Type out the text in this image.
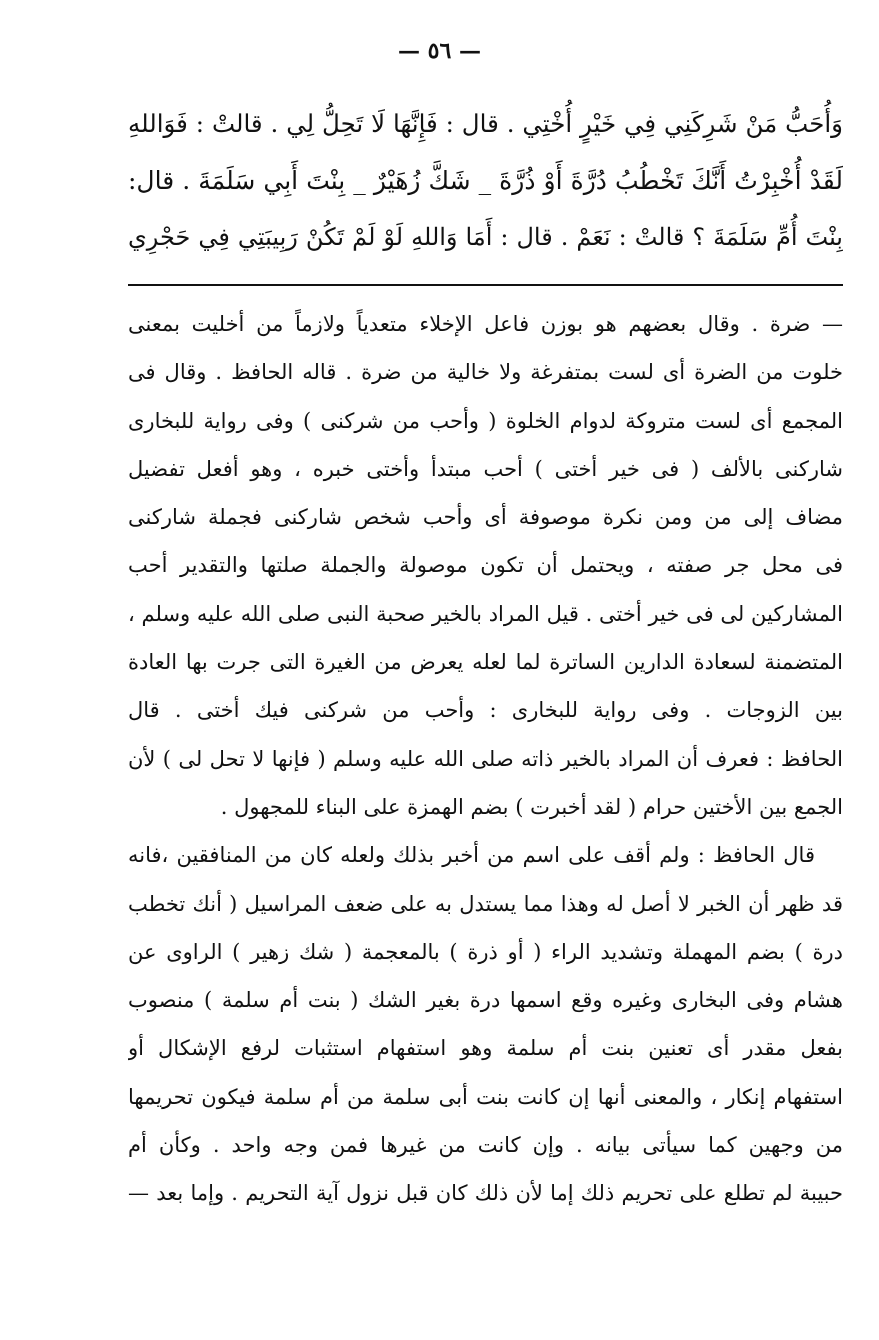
— ٥٦ —
وَأُحَبُّ مَنْ شَرِكَنِي فِي خَيْرٍ أُخْتِي . قال : فَإِنَّهَا لَا تَحِلُّ لِي . قالتْ : فَوَاللهِ
لَقَدْ أُخْبِرْتُ أَنَّكَ تَخْطُبُ دُرَّةَ أَوْ ذُرَّةَ _ شَكَّ زُهَيْرٌ _ بِنْتَ أَبِي سَلَمَةَ . قال:
بِنْتَ أُمِّ سَلَمَةَ ؟ قالتْ : نَعَمْ . قال : أَمَا وَاللهِ لَوْ لَمْ تَكُنْ رَبِيبَتِي فِي حَجْرِي
— ضرة . وقال بعضهم هو بوزن فاعل الإخلاء متعدياً ولازماً من أخليت بمعنى
خلوت من الضرة أى لست بمتفرغة ولا خالية من ضرة . قاله الحافظ . وقال فى
المجمع أى لست متروكة لدوام الخلوة ( وأحب من شركنى ) وفى رواية للبخارى
شاركنى بالألف ( فى خير أختى ) أحب مبتدأ وأختى خبره ، وهو أفعل تفضيل
مضاف إلى من ومن نكرة موصوفة أى وأحب شخص شاركنى فجملة شاركنى
فى محل جر صفته ، ويحتمل أن تكون موصولة والجملة صلتها والتقدير أحب
المشاركين لى فى خير أختى . قيل المراد بالخير صحبة النبى صلى الله عليه وسلم ،
المتضمنة لسعادة الدارين الساترة لما لعله يعرض من الغيرة التى جرت بها العادة
بين الزوجات . وفى رواية للبخارى : وأحب من شركنى فيك أختى . قال
الحافظ : فعرف أن المراد بالخير ذاته صلى الله عليه وسلم ( فإنها لا تحل لى ) لأن
الجمع بين الأختين حرام ( لقد أخبرت ) بضم الهمزة على البناء للمجهول .
قال الحافظ : ولم أقف على اسم من أخبر بذلك ولعله كان من المنافقين ،فانه
قد ظهر أن الخبر لا أصل له وهذا مما يستدل به على ضعف المراسيل ( أنك تخطب
درة ) بضم المهملة وتشديد الراء ( أو ذرة ) بالمعجمة ( شك زهير ) الراوى عن
هشام وفى البخارى وغيره وقع اسمها درة بغير الشك ( بنت أم سلمة ) منصوب
بفعل مقدر أى تعنين بنت أم سلمة وهو استفهام استثبات لرفع الإشكال أو
استفهام إنكار ، والمعنى أنها إن كانت بنت أبى سلمة من أم سلمة فيكون تحريمها
من وجهين كما سيأتى بيانه . وإن كانت من غيرها فمن وجه واحد . وكأن أم
حبيبة لم تطلع على تحريم ذلك إما لأن ذلك كان قبل نزول آية التحريم . وإما بعد —
